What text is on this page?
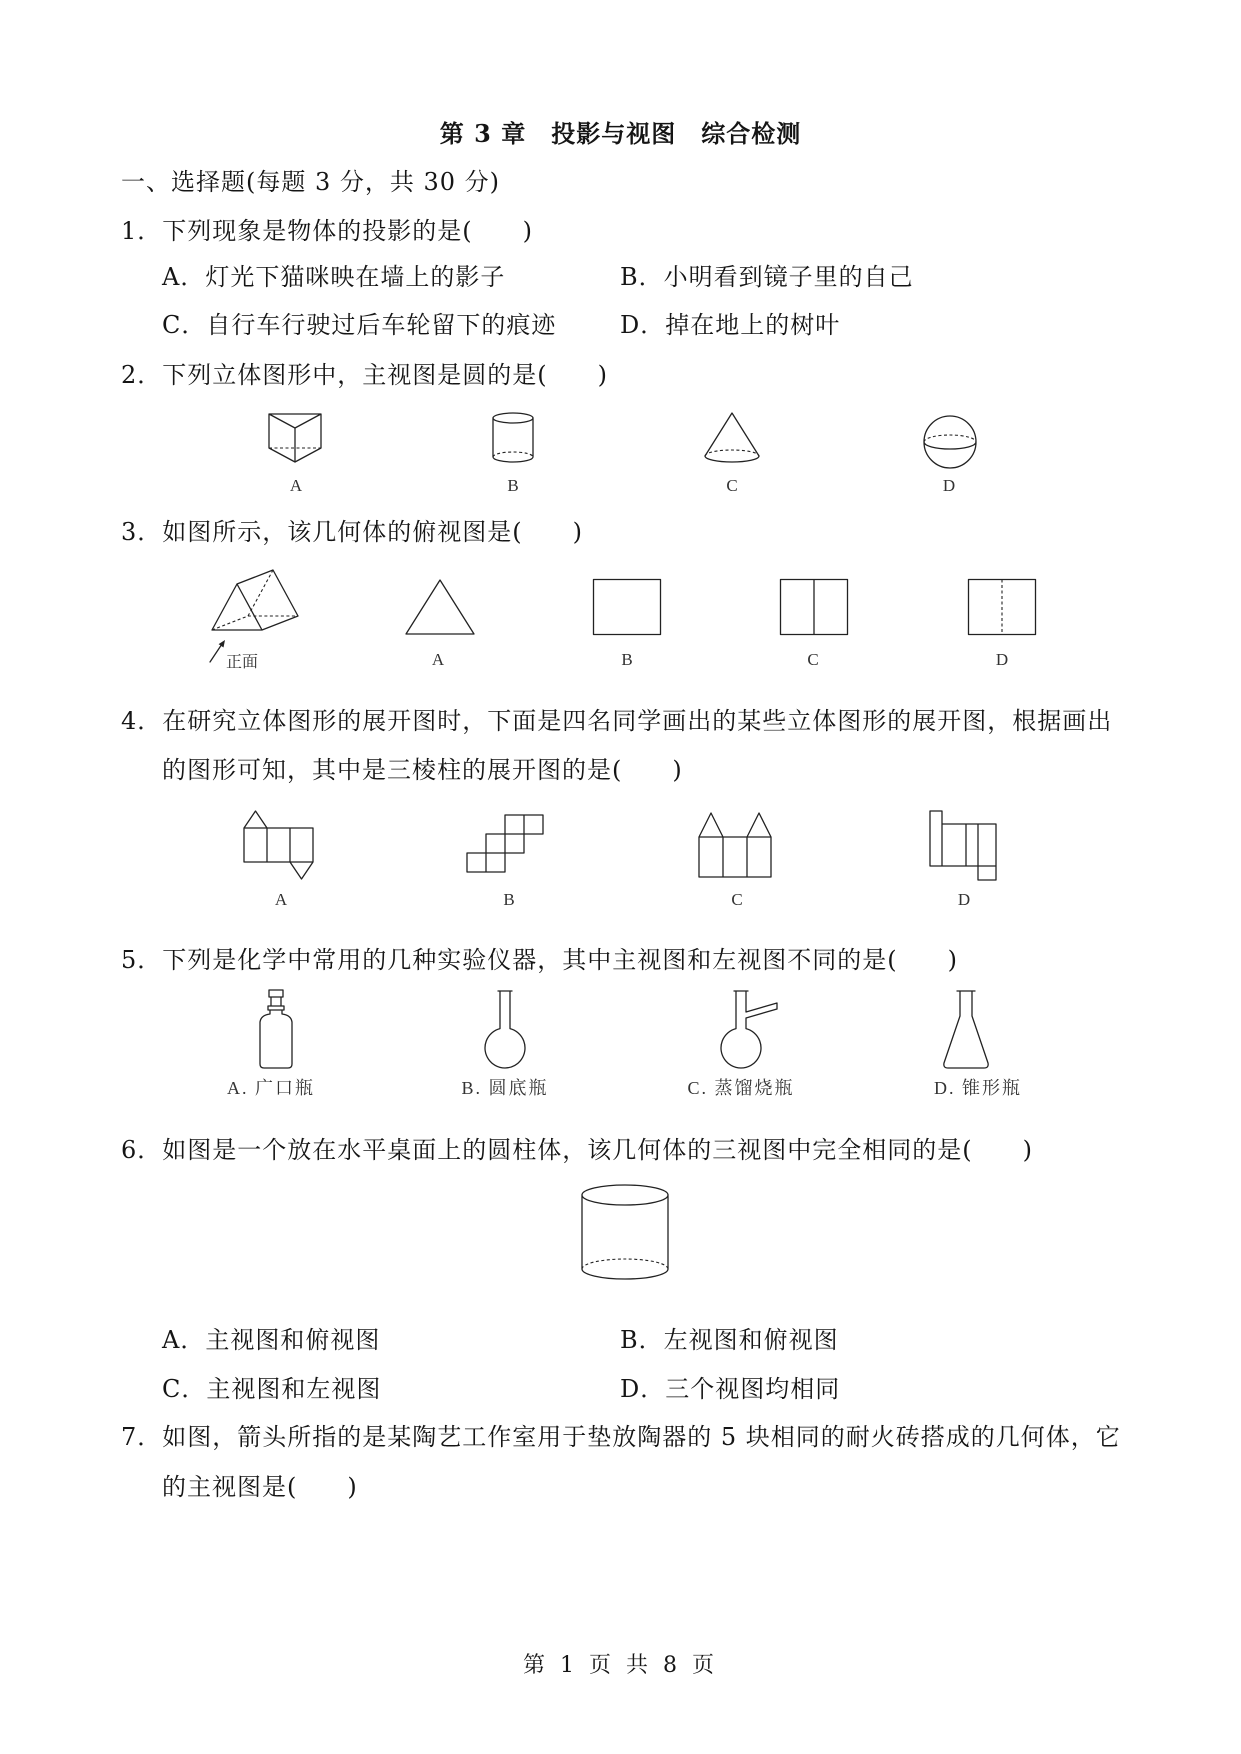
第 3 章　投影与视图　综合检测
一、选择题(每题 3 分，共 30 分)
1．下列现象是物体的投影的是(　　)
A．灯光下猫咪映在墙上的影子	B．小明看到镜子里的自己
C．自行车行驶过后车轮留下的痕迹	D．掉在地上的树叶
2．下列立体图形中，主视图是圆的是(　　)
A	B	C	D
3．如图所示，该几何体的俯视图是(　　)
正面	A	B	C	D
4．在研究立体图形的展开图时，下面是四名同学画出的某些立体图形的展开图，根据画出
的图形可知，其中是三棱柱的展开图的是(　　)
A	B	C	D
5．下列是化学中常用的几种实验仪器，其中主视图和左视图不同的是(　　)
A. 广口瓶	B. 圆底瓶	C. 蒸馏烧瓶	D. 锥形瓶
6．如图是一个放在水平桌面上的圆柱体，该几何体的三视图中完全相同的是(　　)
A．主视图和俯视图	B．左视图和俯视图
C．主视图和左视图	D．三个视图均相同
7．如图，箭头所指的是某陶艺工作室用于垫放陶器的 5 块相同的耐火砖搭成的几何体，它
的主视图是(　　)
第 1 页 共 8 页
